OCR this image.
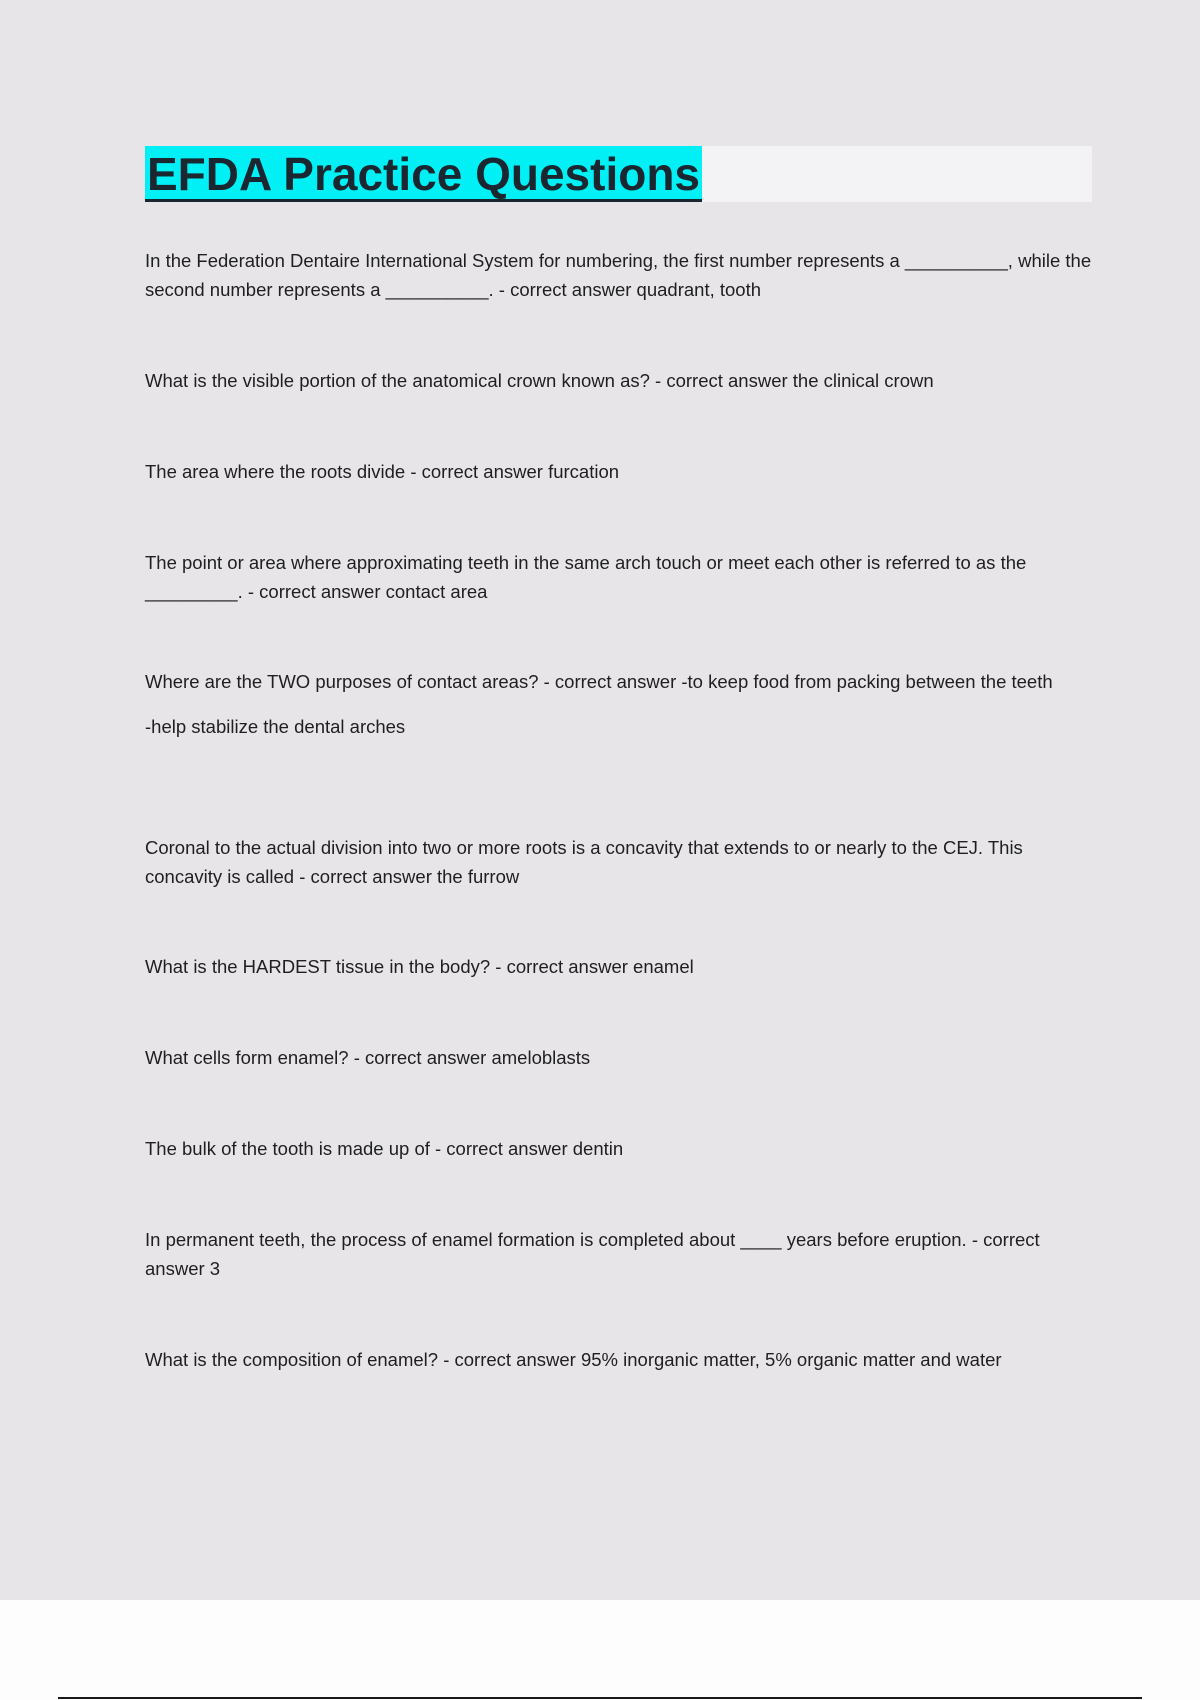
EFDA Practice Questions

In the Federation Dentaire International System for numbering, the first number represents a __________, while the second number represents a __________. - correct answer quadrant, tooth

What is the visible portion of the anatomical crown known as? - correct answer the clinical crown

The area where the roots divide - correct answer furcation

The point or area where approximating teeth in the same arch touch or meet each other is referred to as the _________. - correct answer contact area

Where are the TWO purposes of contact areas? - correct answer -to keep food from packing between the teeth

-help stabilize the dental arches

Coronal to the actual division into two or more roots is a concavity that extends to or nearly to the CEJ. This concavity is called - correct answer the furrow

What is the HARDEST tissue in the body? - correct answer enamel

What cells form enamel? - correct answer ameloblasts

The bulk of the tooth is made up of - correct answer dentin

In permanent teeth, the process of enamel formation is completed about ____ years before eruption. - correct answer 3

What is the composition of enamel? - correct answer 95% inorganic matter, 5% organic matter and water
